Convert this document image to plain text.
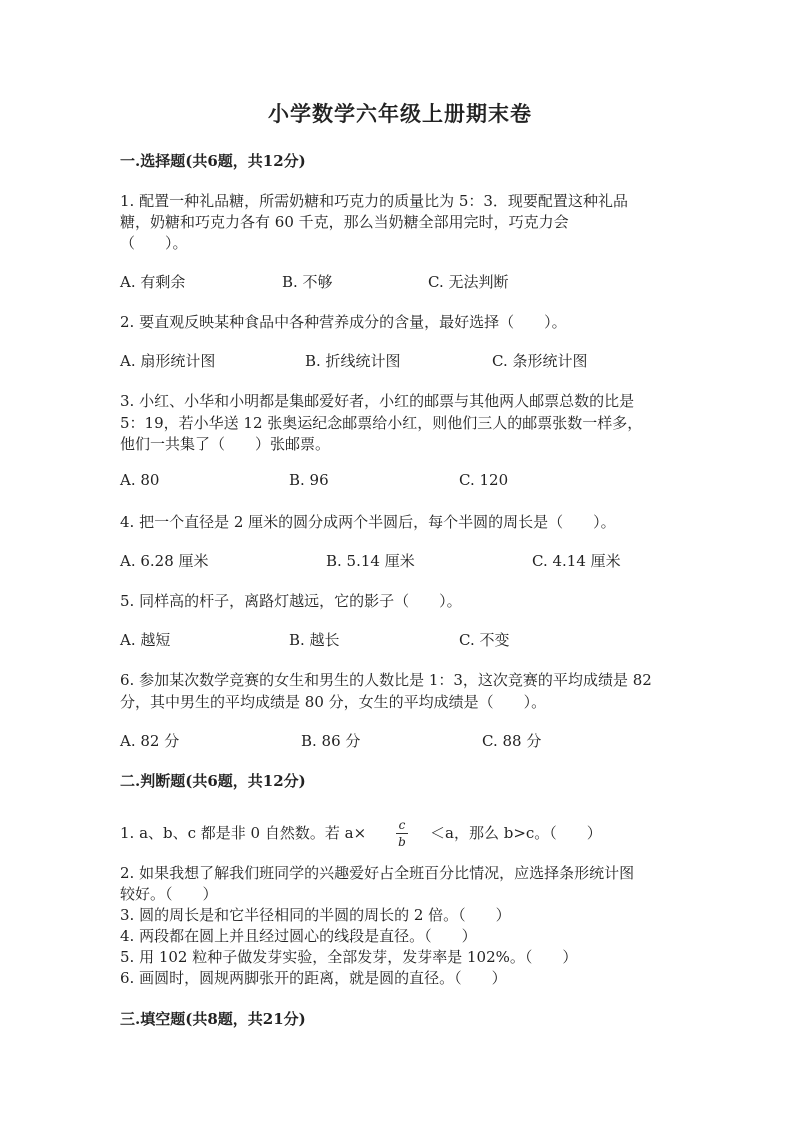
小学数学六年级上册期末卷
一.选择题(共6题，共12分)
1. 配置一种礼品糖，所需奶糖和巧克力的质量比为 5：3．现要配置这种礼品
糖，奶糖和巧克力各有 60 千克，那么当奶糖全部用完时，巧克力会
（　　）。
A. 有剩余	B. 不够	C. 无法判断
2. 要直观反映某种食品中各种营养成分的含量，最好选择（　　）。
A. 扇形统计图	B. 折线统计图	C. 条形统计图
3. 小红、小华和小明都是集邮爱好者，小红的邮票与其他两人邮票总数的比是
5：19，若小华送 12 张奥运纪念邮票给小红，则他们三人的邮票张数一样多，
他们一共集了（　　）张邮票。
A. 80	B. 96	C. 120
4. 把一个直径是 2 厘米的圆分成两个半圆后，每个半圆的周长是（　　）。
A. 6.28 厘米	B. 5.14 厘米	C. 4.14 厘米
5. 同样高的杆子，离路灯越远，它的影子（　　）。
A. 越短	B. 越长	C. 不变
6. 参加某次数学竞赛的女生和男生的人数比是 1：3，这次竞赛的平均成绩是 82
分，其中男生的平均成绩是 80 分，女生的平均成绩是（　　）。
A. 82 分	B. 86 分	C. 88 分
二.判断题(共6题，共12分)
1. a、b、c 都是非 0 自然数。若 a×	c
b ＜a，那么 b>c。（　　）
2. 如果我想了解我们班同学的兴趣爱好占全班百分比情况，应选择条形统计图
较好。（　　）
3. 圆的周长是和它半径相同的半圆的周长的 2 倍。（　　）
4. 两段都在圆上并且经过圆心的线段是直径。（　　）
5. 用 102 粒种子做发芽实验，全部发芽，发芽率是 102%。（　　）
6. 画圆时，圆规两脚张开的距离，就是圆的直径。（　　）
三.填空题(共8题，共21分)
